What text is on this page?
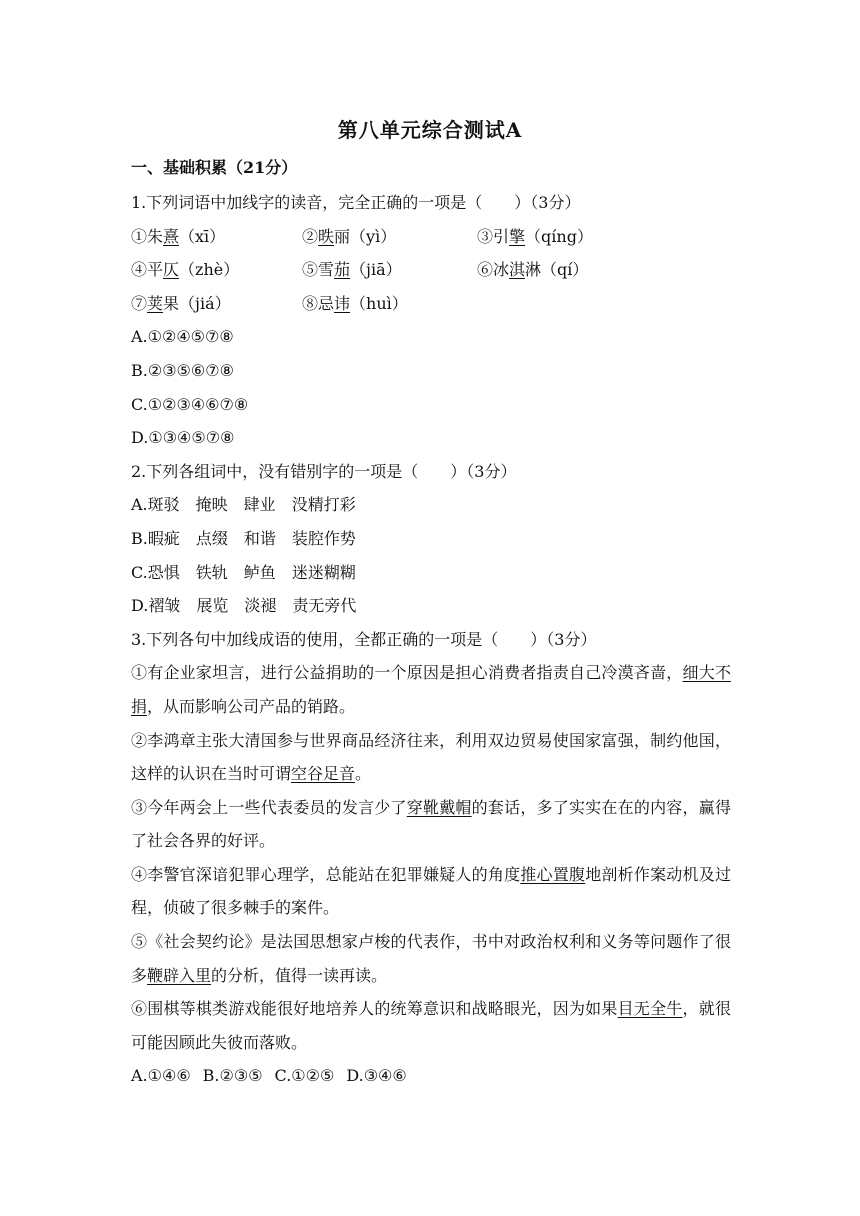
第八单元综合测试A
一、基础积累（21分）
1.下列词语中加线字的读音，完全正确的一项是（　　）（3分）
①朱熹（xī）	②昳丽（yì）	③引擎（qíng）
④平仄（zhè）	⑤雪茄（jiā）	⑥冰淇淋（qí）
⑦荚果（jiá）	⑧忌讳（huì）
A.①②④⑤⑦⑧
B.②③⑤⑥⑦⑧
C.①②③④⑥⑦⑧
D.①③④⑤⑦⑧
2.下列各组词中，没有错别字的一项是（　　）（3分）
A.斑驳 掩映 肆业 没精打彩
B.暇疵 点缀 和谐 装腔作势
C.恐惧 铁轨 鲈鱼 迷迷糊糊
D.褶皱 展览 淡褪 责无旁代
3.下列各句中加线成语的使用，全都正确的一项是（　　）（3分）
①有企业家坦言，进行公益捐助的一个原因是担心消费者指责自己冷漠吝啬，细大不捐，从而影响公司产品的销路。
②李鸿章主张大清国参与世界商品经济往来，利用双边贸易使国家富强，制约他国，这样的认识在当时可谓空谷足音。
③今年两会上一些代表委员的发言少了穿靴戴帽的套话，多了实实在在的内容，赢得了社会各界的好评。
④李警官深谙犯罪心理学，总能站在犯罪嫌疑人的角度推心置腹地剖析作案动机及过程，侦破了很多棘手的案件。
⑤《社会契约论》是法国思想家卢梭的代表作，书中对政治权利和义务等问题作了很多鞭辟入里的分析，值得一读再读。
⑥围棋等棋类游戏能很好地培养人的统筹意识和战略眼光，因为如果目无全牛，就很可能因顾此失彼而落败。
A.①④⑥ B.②③⑤ C.①②⑤ D.③④⑥
